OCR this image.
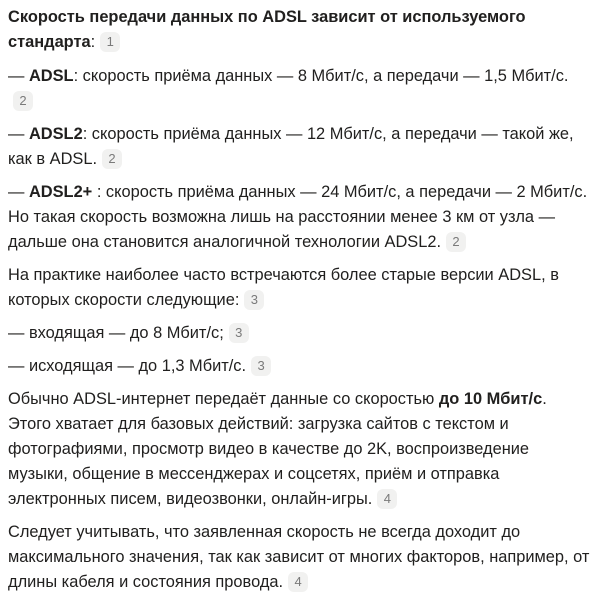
Скорость передачи данных по ADSL зависит от используемого стандарта: 1

— ADSL: скорость приёма данных — 8 Мбит/с, а передачи — 1,5 Мбит/с.2

— ADSL2: скорость приёма данных — 12 Мбит/с, а передачи — такой же, как в ADSL. 2

— ADSL2+ : скорость приёма данных — 24 Мбит/с, а передачи — 2 Мбит/с. Но такая скорость возможна лишь на расстоянии менее 3 км от узла — дальше она становится аналогичной технологии ADSL2. 2

На практике наиболее часто встречаются более старые версии ADSL, в которых скорости следующие: 3

— входящая — до 8 Мбит/с; 3

— исходящая — до 1,3 Мбит/с. 3

Обычно ADSL-интернет передаёт данные со скоростью до 10 Мбит/с. Этого хватает для базовых действий: загрузка сайтов с текстом и фотографиями, просмотр видео в качестве до 2K, воспроизведение музыки, общение в мессенджерах и соцсетях, приём и отправка электронных писем, видеозвонки, онлайн-игры. 4

Следует учитывать, что заявленная скорость не всегда доходит до максимального значения, так как зависит от многих факторов, например, от длины кабеля и состояния провода. 4
